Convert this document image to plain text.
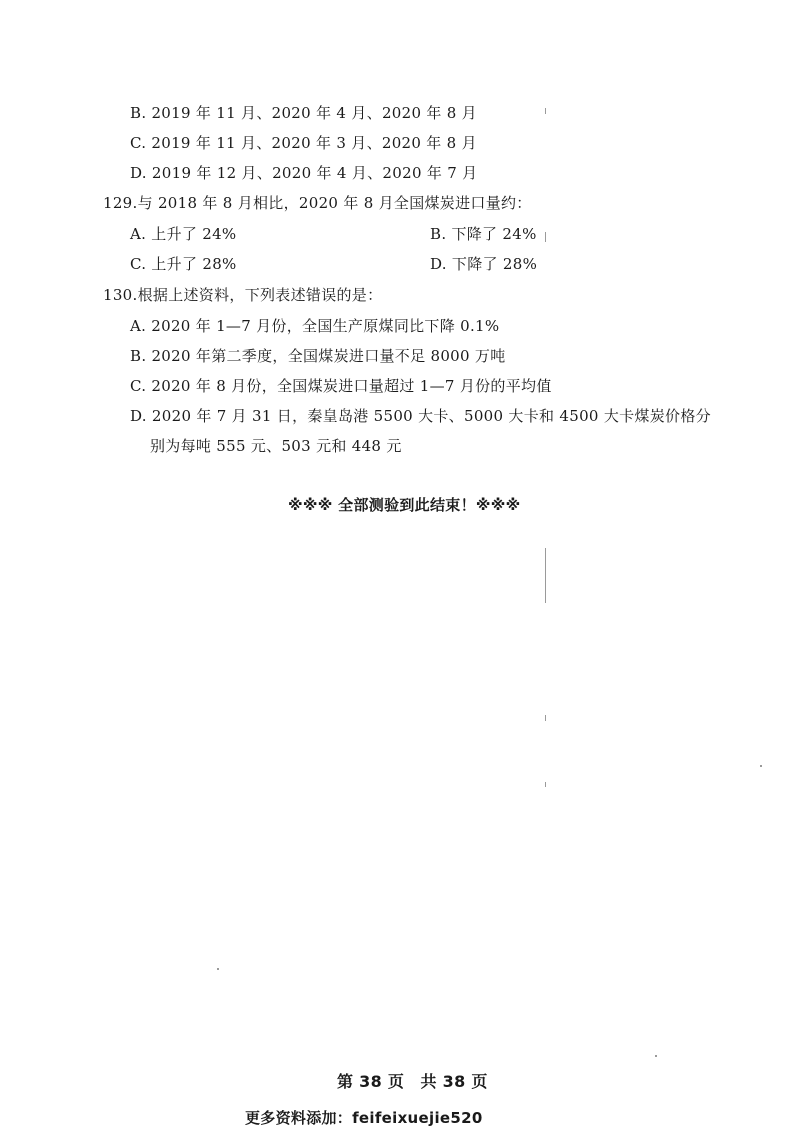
B. 2019 年 11 月、2020 年 4 月、2020 年 8 月
C. 2019 年 11 月、2020 年 3 月、2020 年 8 月
D. 2019 年 12 月、2020 年 4 月、2020 年 7 月
129.与 2018 年 8 月相比，2020 年 8 月全国煤炭进口量约：
A. 上升了 24%	B. 下降了 24%
C. 上升了 28%	D. 下降了 28%
130.根据上述资料，下列表述错误的是：
A. 2020 年 1—7 月份，全国生产原煤同比下降 0.1%
B. 2020 年第二季度，全国煤炭进口量不足 8000 万吨
C. 2020 年 8 月份，全国煤炭进口量超过 1—7 月份的平均值
D. 2020 年 7 月 31 日，秦皇岛港 5500 大卡、5000 大卡和 4500 大卡煤炭价格分
别为每吨 555 元、503 元和 448 元
※※※ 全部测验到此结束！※※※
第 38 页　共 38 页
更多资料添加：feifeixuejie520
